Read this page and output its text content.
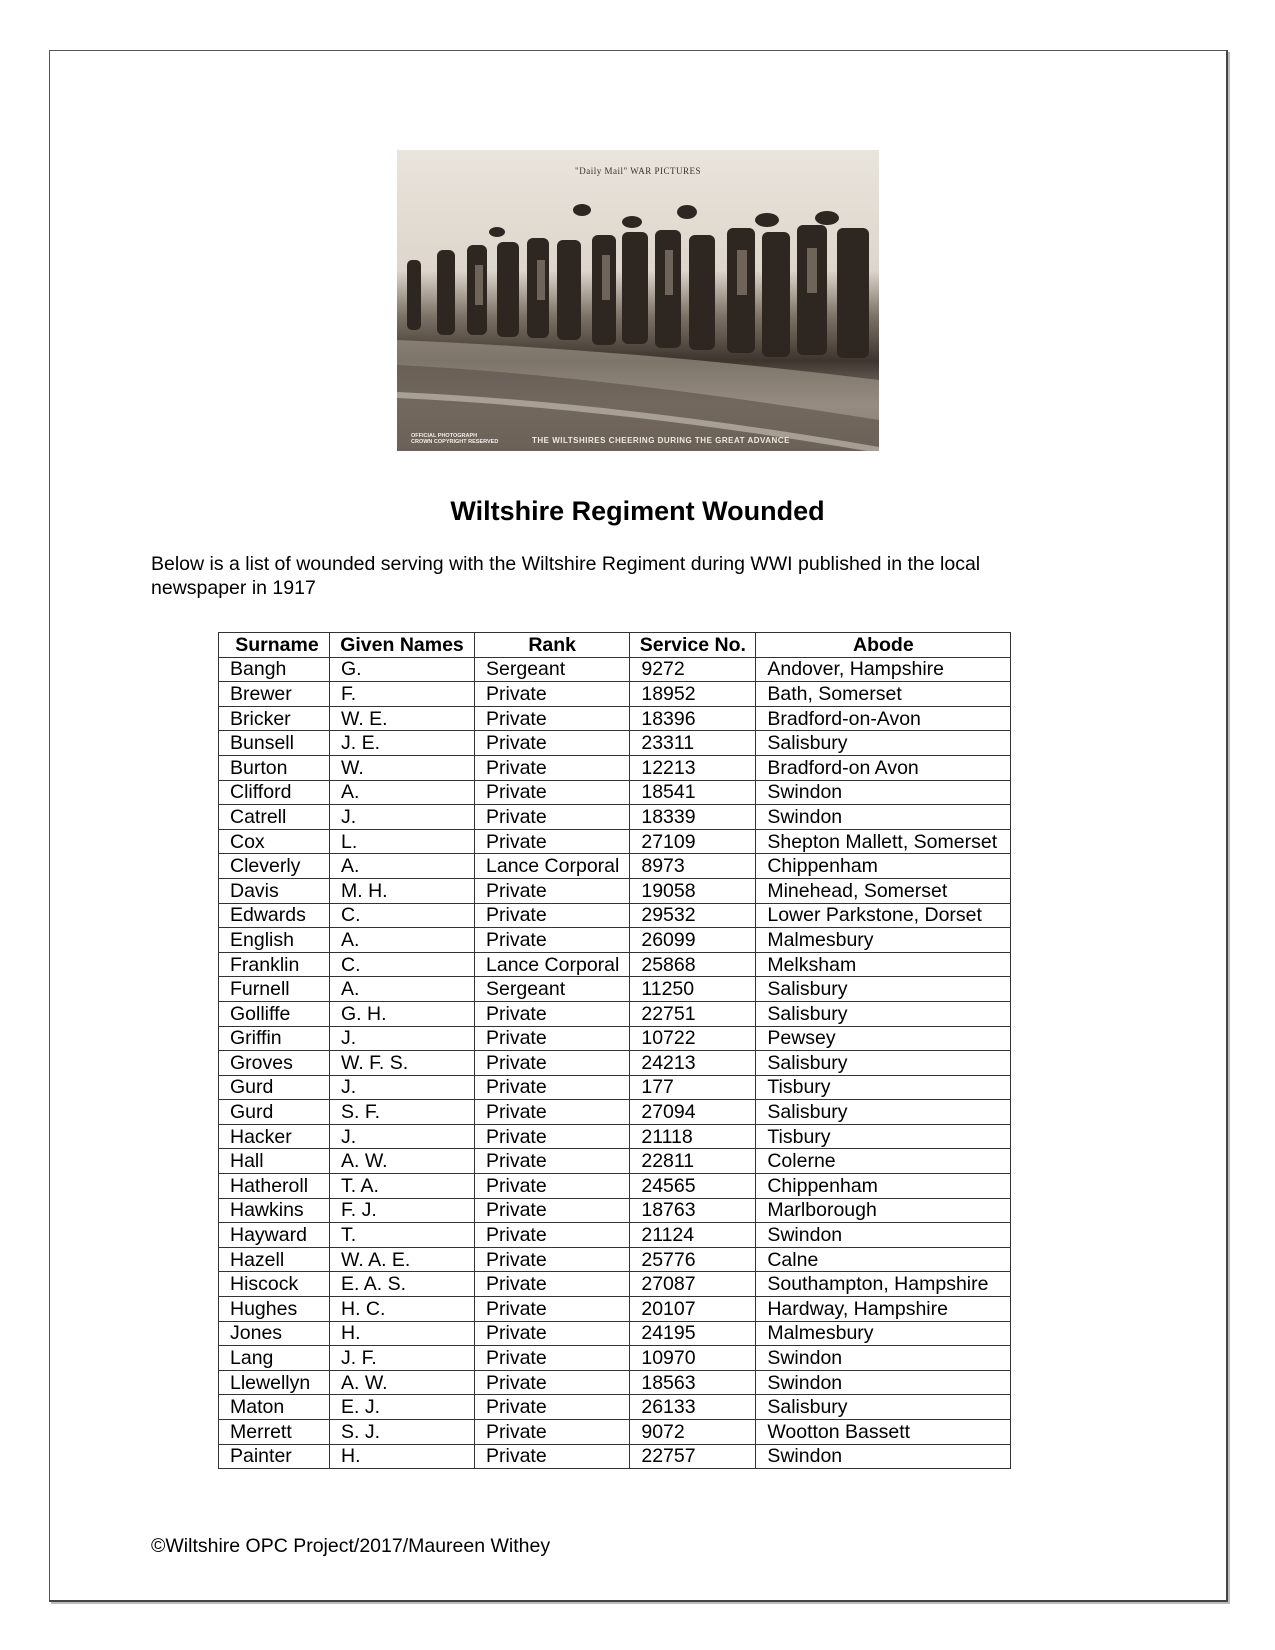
"Daily Mail" WAR PICTURES
OFFICIAL PHOTOGRAPH
CROWN COPYRIGHT RESERVED	THE WILTSHIRES CHEERING DURING THE GREAT ADVANCE
Wiltshire Regiment Wounded
Below is a list of wounded serving with the Wiltshire Regiment during WWI published in the local newspaper in 1917
Surname	Given Names	Rank	Service No.	Abode
Bangh	G.	Sergeant	9272	Andover, Hampshire
Brewer	F.	Private	18952	Bath, Somerset
Bricker	W. E.	Private	18396	Bradford-on-Avon
Bunsell	J. E.	Private	23311	Salisbury
Burton	W.	Private	12213	Bradford-on Avon
Clifford	A.	Private	18541	Swindon
Catrell	J.	Private	18339	Swindon
Cox	L.	Private	27109	Shepton Mallett, Somerset
Cleverly	A.	Lance Corporal	8973	Chippenham
Davis	M. H.	Private	19058	Minehead, Somerset
Edwards	C.	Private	29532	Lower Parkstone, Dorset
English	A.	Private	26099	Malmesbury
Franklin	C.	Lance Corporal	25868	Melksham
Furnell	A.	Sergeant	11250	Salisbury
Golliffe	G. H.	Private	22751	Salisbury
Griffin	J.	Private	10722	Pewsey
Groves	W. F. S.	Private	24213	Salisbury
Gurd	J.	Private	177	Tisbury
Gurd	S. F.	Private	27094	Salisbury
Hacker	J.	Private	21118	Tisbury
Hall	A. W.	Private	22811	Colerne
Hatheroll	T. A.	Private	24565	Chippenham
Hawkins	F. J.	Private	18763	Marlborough
Hayward	T.	Private	21124	Swindon
Hazell	W. A. E.	Private	25776	Calne
Hiscock	E. A. S.	Private	27087	Southampton, Hampshire
Hughes	H. C.	Private	20107	Hardway, Hampshire
Jones	H.	Private	24195	Malmesbury
Lang	J. F.	Private	10970	Swindon
Llewellyn	A. W.	Private	18563	Swindon
Maton	E. J.	Private	26133	Salisbury
Merrett	S. J.	Private	9072	Wootton Bassett
Painter	H.	Private	22757	Swindon
©Wiltshire OPC Project/2017/Maureen Withey
